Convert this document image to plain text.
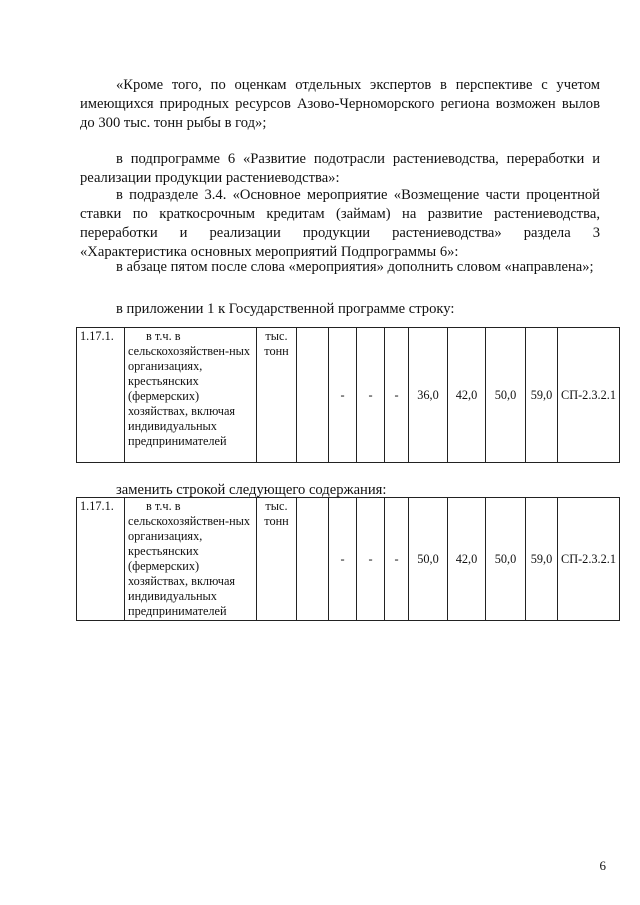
«Кроме того, по оценкам отдельных экспертов в перспективе с учетом имеющихся природных ресурсов Азово-Черноморского региона возможен вылов до 300 тыс. тонн рыбы в год»;

в подпрограмме 6 «Развитие подотрасли растениеводства, переработки и реализации продукции растениеводства»:

в подразделе 3.4. «Основное мероприятие «Возмещение части процентной ставки по краткосрочным кредитам (займам) на развитие растениеводства, переработки и реализации продукции растениеводства» раздела 3 «Характеристика основных мероприятий Подпрограммы 6»:

в абзаце пятом после слова «мероприятия» дополнить словом «направлена»;

в приложении 1 к Государственной программе строку:

1.17.1.	в т.ч. в
сельскохозяйствен-ных организациях, крестьянских (фермерских) хозяйствах, включая индивидуальных предпринимателей	тыс. тонн		-	-	-	36,0	42,0	50,0	59,0	СП-2.3.2.1

заменить строкой следующего содержания:

1.17.1.	в т.ч. в
сельскохозяйствен-ных организациях, крестьянских (фермерских) хозяйствах, включая индивидуальных предпринимателей	тыс. тонн		-	-	-	50,0	42,0	50,0	59,0	СП-2.3.2.1
6
